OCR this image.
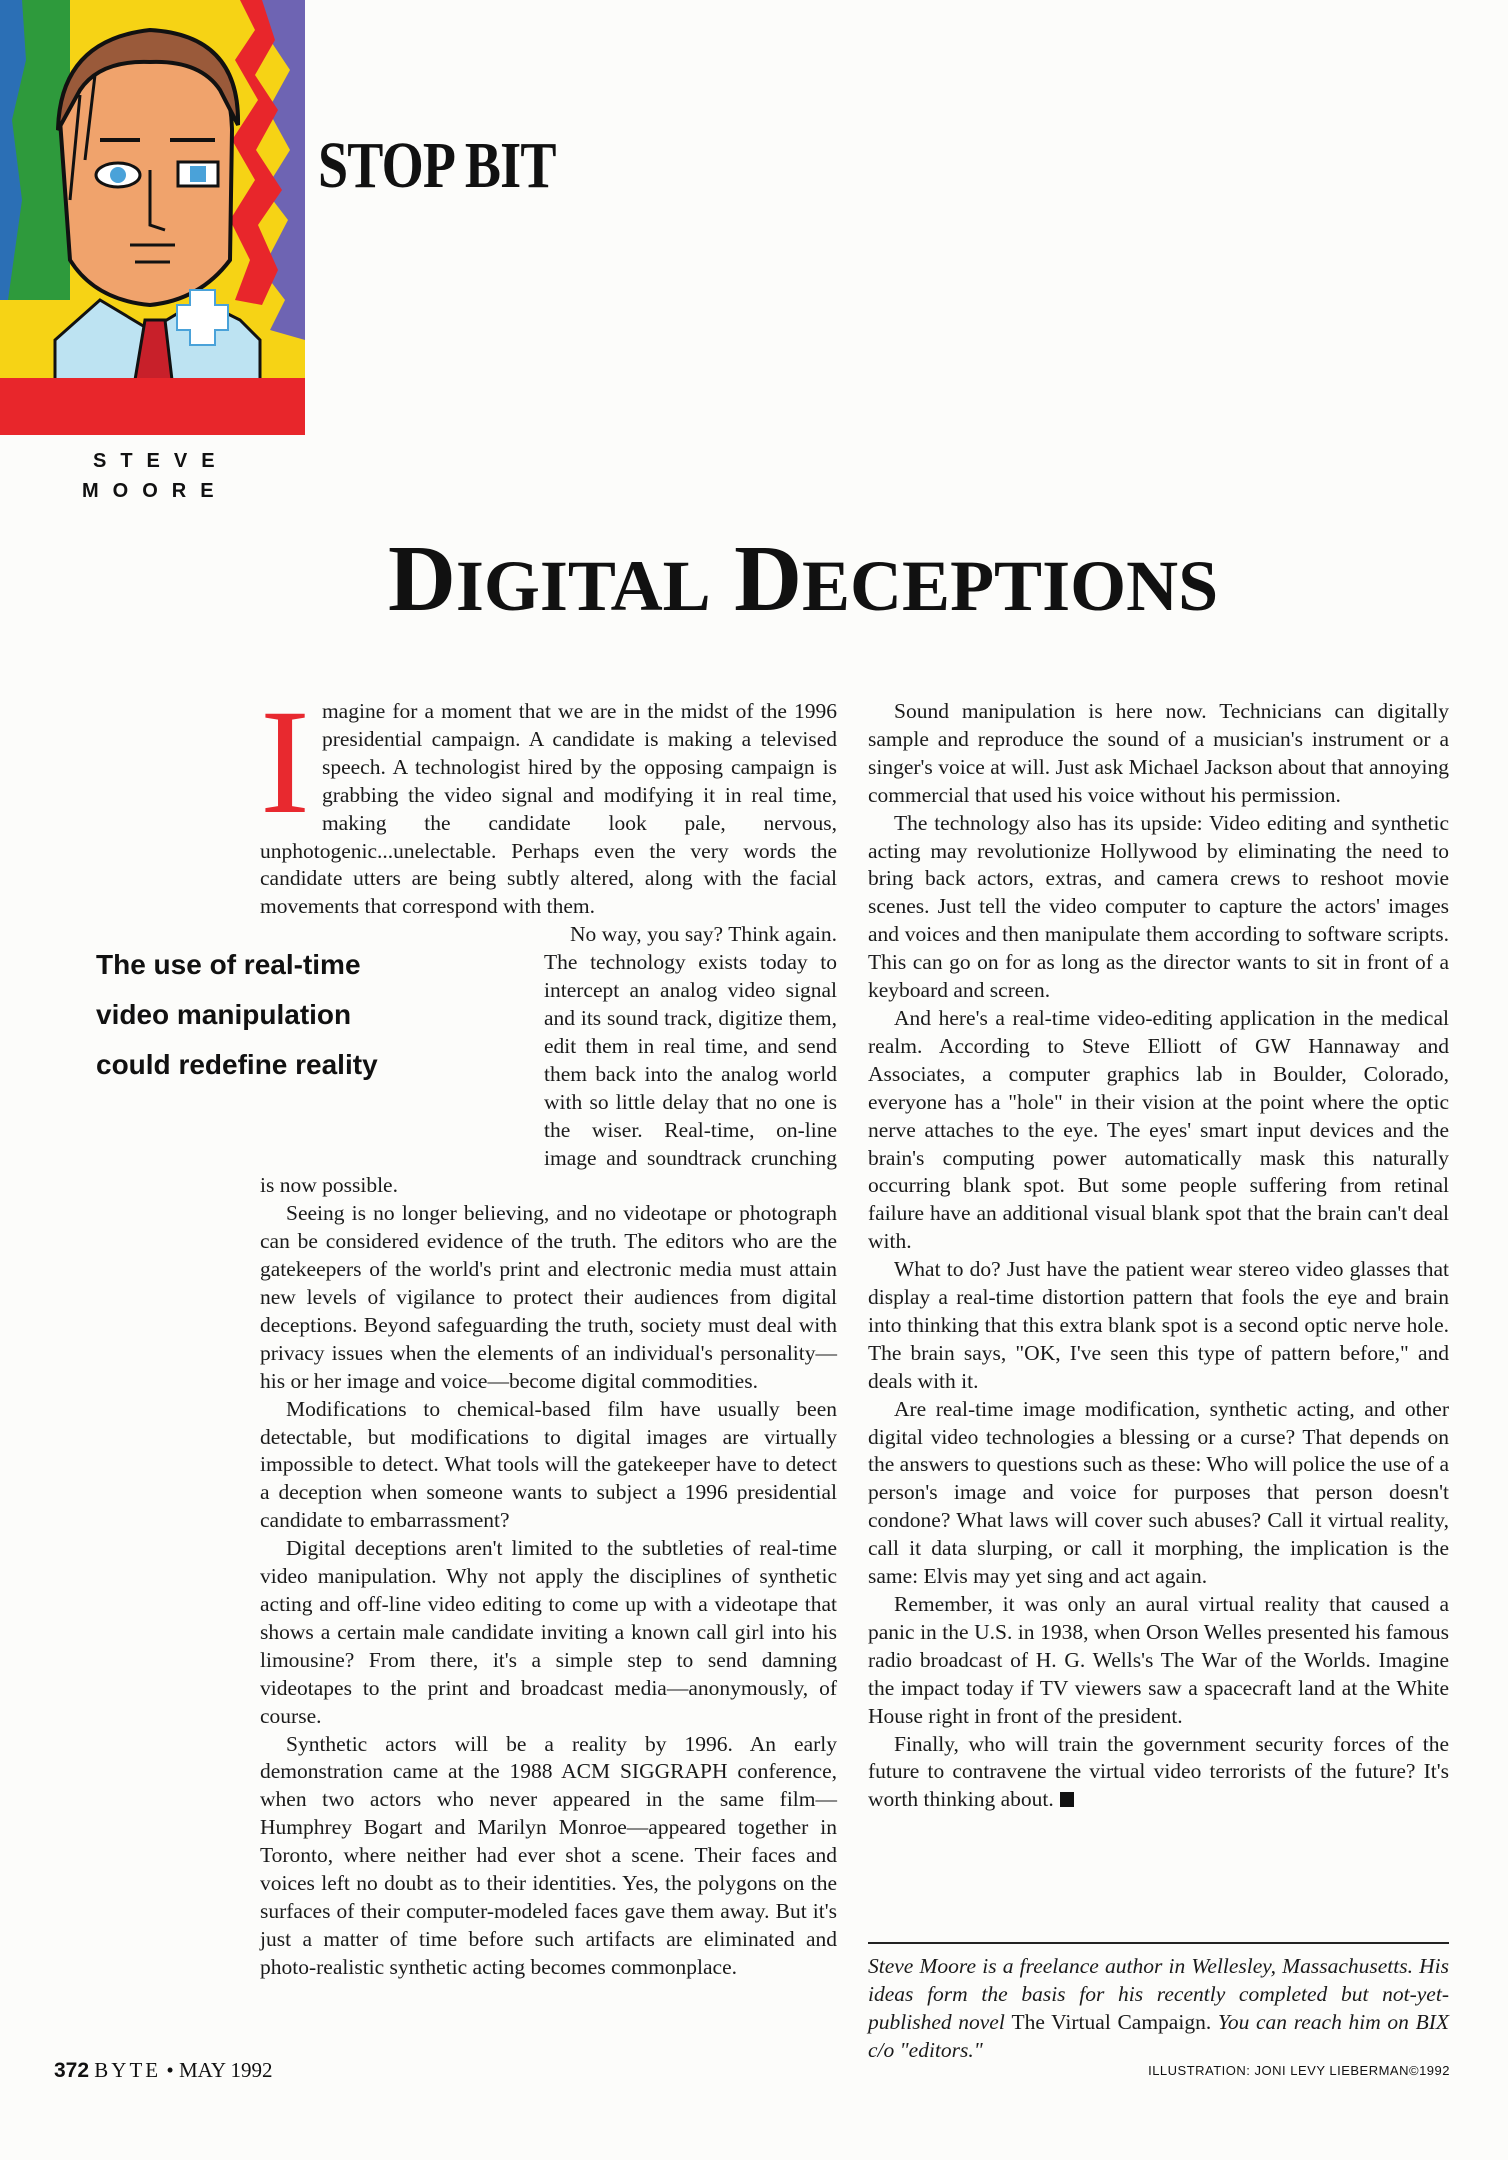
STOP BIT
STEVE
MOORE
DIGITAL DECEPTIONS
The use of real-time
video manipulation
could redefine reality

Imagine for a moment that we are in the midst of the 1996 presidential campaign. A candidate is making a televised speech. A technologist hired by the opposing campaign is grabbing the video signal and modifying it in real time, making the candidate look pale, nervous, unphotogenic...unelectable. Perhaps even the very words the candidate utters are being subtly altered, along with the facial movements that correspond with them.

No way, you say? Think again. The technology exists today to intercept an analog video signal and its sound track, digitize them, edit them in real time, and send them back into the analog world with so little delay that no one is the wiser. Real-time, on-line image and soundtrack crunching is now possible.

Seeing is no longer believing, and no videotape or photograph can be considered evidence of the truth. The editors who are the gatekeepers of the world's print and electronic media must attain new levels of vigilance to protect their audiences from digital deceptions. Beyond safeguarding the truth, society must deal with privacy issues when the elements of an individual's personality—his or her image and voice—become digital commodities.

Modifications to chemical-based film have usually been detectable, but modifications to digital images are virtually impossible to detect. What tools will the gatekeeper have to detect a deception when someone wants to subject a 1996 presidential candidate to embarrassment?

Digital deceptions aren't limited to the subtleties of real-time video manipulation. Why not apply the disciplines of synthetic acting and off-line video editing to come up with a videotape that shows a certain male candidate inviting a known call girl into his limousine? From there, it's a simple step to send damning videotapes to the print and broadcast media—anonymously, of course.

Synthetic actors will be a reality by 1996. An early demonstration came at the 1988 ACM SIGGRAPH conference, when two actors who never appeared in the same film—Humphrey Bogart and Marilyn Monroe—appeared together in Toronto, where neither had ever shot a scene. Their faces and voices left no doubt as to their identities. Yes, the polygons on the surfaces of their computer-modeled faces gave them away. But it's just a matter of time before such artifacts are eliminated and photo-realistic synthetic acting becomes commonplace.

Sound manipulation is here now. Technicians can digitally sample and reproduce the sound of a musician's instrument or a singer's voice at will. Just ask Michael Jackson about that annoying commercial that used his voice without his permission.

The technology also has its upside: Video editing and synthetic acting may revolutionize Hollywood by eliminating the need to bring back actors, extras, and camera crews to reshoot movie scenes. Just tell the video computer to capture the actors' images and voices and then manipulate them according to software scripts. This can go on for as long as the director wants to sit in front of a keyboard and screen.

And here's a real-time video-editing application in the medical realm. According to Steve Elliott of GW Hannaway and Associates, a computer graphics lab in Boulder, Colorado, everyone has a "hole" in their vision at the point where the optic nerve attaches to the eye. The eyes' smart input devices and the brain's computing power automatically mask this naturally occurring blank spot. But some people suffering from retinal failure have an additional visual blank spot that the brain can't deal with.

What to do? Just have the patient wear stereo video glasses that display a real-time distortion pattern that fools the eye and brain into thinking that this extra blank spot is a second optic nerve hole. The brain says, "OK, I've seen this type of pattern before," and deals with it.

Are real-time image modification, synthetic acting, and other digital video technologies a blessing or a curse? That depends on the answers to questions such as these: Who will police the use of a person's image and voice for purposes that person doesn't condone? What laws will cover such abuses? Call it virtual reality, call it data slurping, or call it morphing, the implication is the same: Elvis may yet sing and act again.

Remember, it was only an aural virtual reality that caused a panic in the U.S. in 1938, when Orson Welles presented his famous radio broadcast of H. G. Wells's The War of the Worlds. Imagine the impact today if TV viewers saw a spacecraft land at the White House right in front of the president.

Finally, who will train the government security forces of the future to contravene the virtual video terrorists of the future? It's worth thinking about.

Steve Moore is a freelance author in Wellesley, Massachusetts. His ideas form the basis for his recently completed but not-yet-published novel The Virtual Campaign. You can reach him on BIX c/o "editors."
372 BYTE • MAY 1992	ILLUSTRATION: JONI LEVY LIEBERMAN©1992
